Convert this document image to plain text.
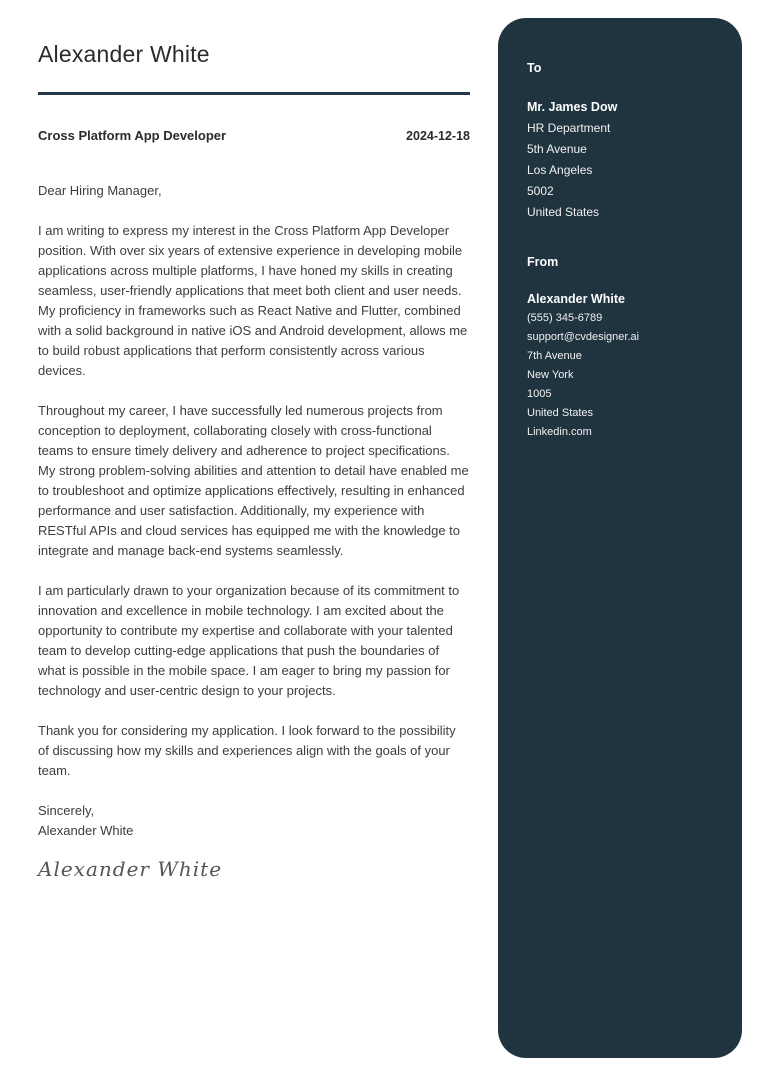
Alexander White
Cross Platform App Developer	2024-12-18

Dear Hiring Manager,

I am writing to express my interest in the Cross Platform App Developer position. With over six years of extensive experience in developing mobile applications across multiple platforms, I have honed my skills in creating seamless, user-friendly applications that meet both client and user needs. My proficiency in frameworks such as React Native and Flutter, combined with a solid background in native iOS and Android development, allows me to build robust applications that perform consistently across various devices.

Throughout my career, I have successfully led numerous projects from conception to deployment, collaborating closely with cross-functional teams to ensure timely delivery and adherence to project specifications. My strong problem-solving abilities and attention to detail have enabled me to troubleshoot and optimize applications effectively, resulting in enhanced performance and user satisfaction. Additionally, my experience with RESTful APIs and cloud services has equipped me with the knowledge to integrate and manage back-end systems seamlessly.

I am particularly drawn to your organization because of its commitment to innovation and excellence in mobile technology. I am excited about the opportunity to contribute my expertise and collaborate with your talented team to develop cutting-edge applications that push the boundaries of what is possible in the mobile space. I am eager to bring my passion for technology and user-centric design to your projects.

Thank you for considering my application. I look forward to the possibility of discussing how my skills and experiences align with the goals of your team.

Sincerely,
Alexander White
Alexander White
To
Mr. James Dow
HR Department
5th Avenue
Los Angeles
5002
United States
From
Alexander White
(555) 345-6789
support@cvdesigner.ai
7th Avenue
New York
1005
United States
Linkedin.com
